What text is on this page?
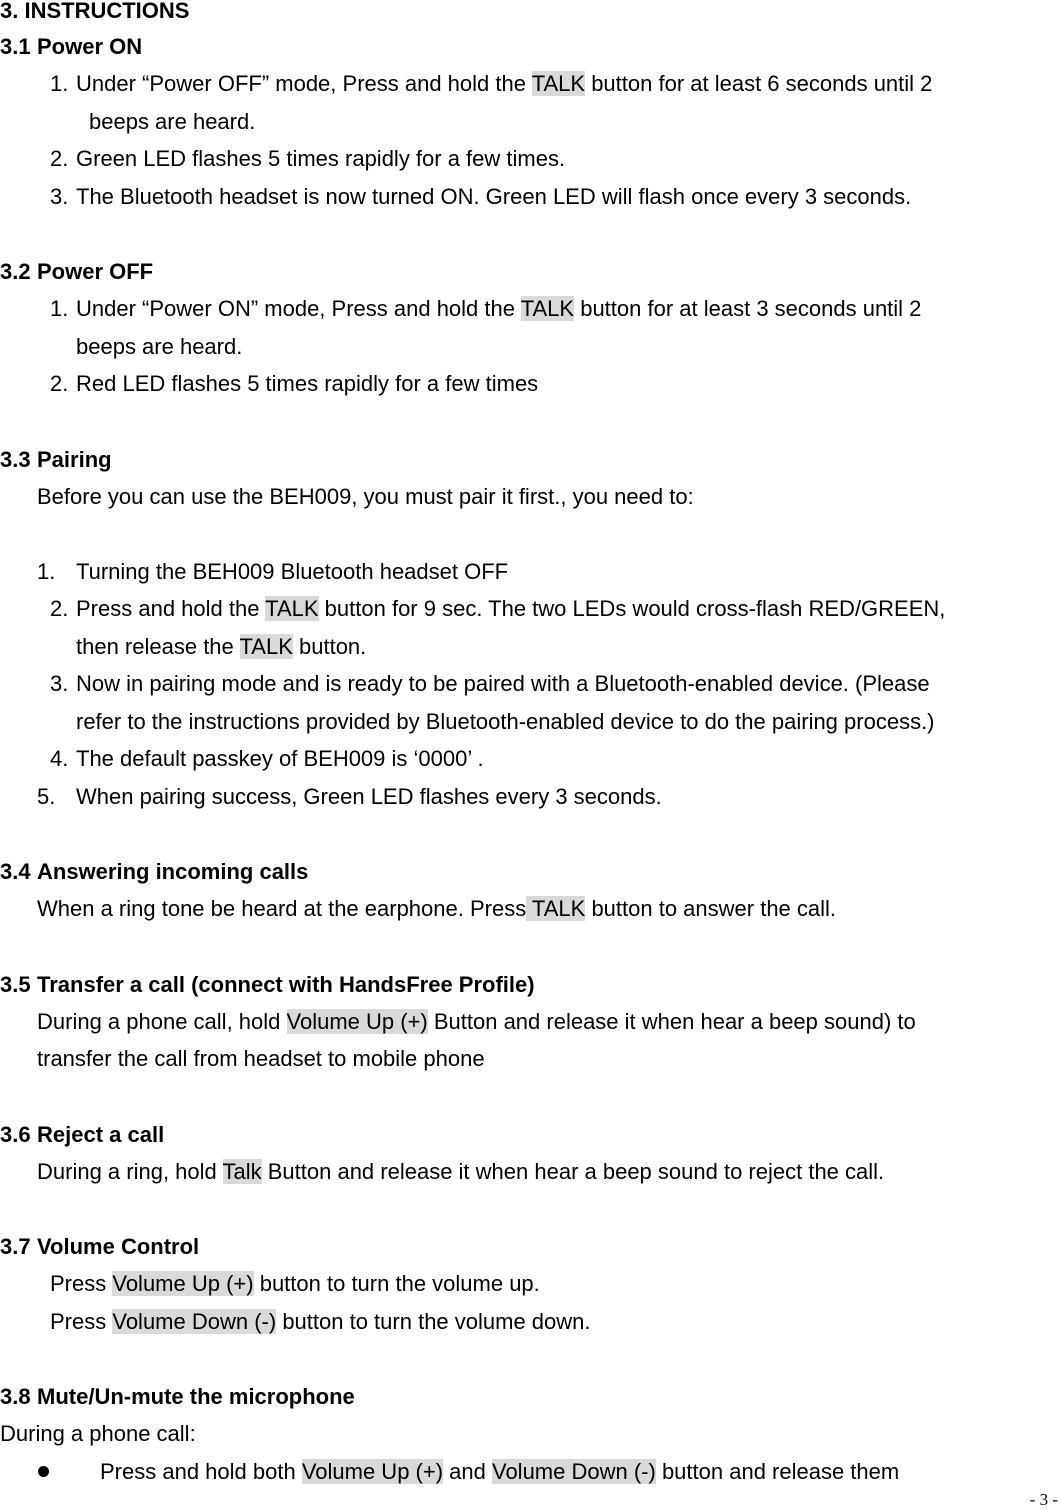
3. INSTRUCTIONS
3.1 Power ON
1. Under “Power OFF” mode, Press and hold the TALK button for at least 6 seconds until 2
beeps are heard.
2. Green LED flashes 5 times rapidly for a few times.
3. The Bluetooth headset is now turned ON. Green LED will flash once every 3 seconds.
3.2 Power OFF
1. Under “Power ON” mode, Press and hold the TALK button for at least 3 seconds until 2
beeps are heard.
2. Red LED flashes 5 times rapidly for a few times
3.3 Pairing
Before you can use the BEH009, you must pair it first., you need to:
1. Turning the BEH009 Bluetooth headset OFF
2. Press and hold the TALK button for 9 sec. The two LEDs would cross-flash RED/GREEN,
then release the TALK button.
3. Now in pairing mode and is ready to be paired with a Bluetooth-enabled device. (Please
refer to the instructions provided by Bluetooth-enabled device to do the pairing process.)
4. The default passkey of BEH009 is ‘0000’ .
5. When pairing success, Green LED flashes every 3 seconds.
3.4 Answering incoming calls
When a ring tone be heard at the earphone. Press TALK button to answer the call.
3.5 Transfer a call (connect with HandsFree Profile)
During a phone call, hold Volume Up (+) Button and release it when hear a beep sound) to
transfer the call from headset to mobile phone
3.6 Reject a call
During a ring, hold Talk Button and release it when hear a beep sound to reject the call.
3.7 Volume Control
Press Volume Up (+) button to turn the volume up.
Press Volume Down (-) button to turn the volume down.
3.8 Mute/Un-mute the microphone
During a phone call:
Press and hold both Volume Up (+) and Volume Down (-) button and release them
- 3 -
